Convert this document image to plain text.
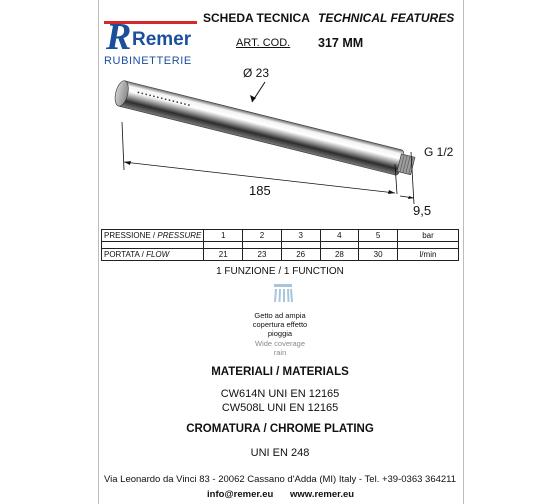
R Remer
RUBINETTERIE
SCHEDA TECNICA TECHNICAL FEATURES
ART. COD. 317 MM
Ø 23
G 1/2
185
9,5
PRESSIONE / PRESSURE	1	2	3	4	5	bar

PORTATA / FLOW	21	23	26	28	30	l/min
1 FUNZIONE / 1 FUNCTION
Getto ad ampia
copertura effetto
pioggia
Wide coverage
rain
MATERIALI / MATERIALS
CW614N UNI EN 12165
CW508L UNI EN 12165
CROMATURA / CHROME PLATING
UNI EN 248
Via Leonardo da Vinci 83 - 20062 Cassano d'Adda (MI) Italy - Tel. +39-0363 364211
info@remer.eu www.remer.eu
